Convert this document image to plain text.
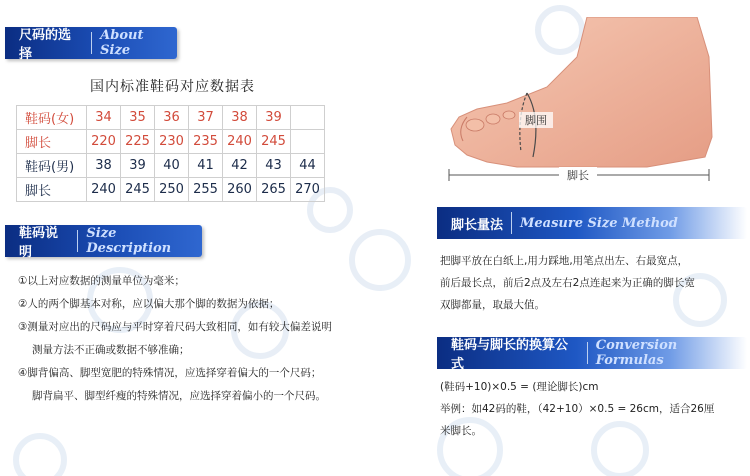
尺码的选择
About Size
国内标准鞋码对应数据表
鞋码(女)	34	35	36	37	38	39	
脚长	220	225	230	235	240	245	
鞋码(男)	38	39	40	41	42	43	44
脚长	240	245	250	255	260	265	270
鞋码说明
Size Description
①以上对应数据的测量单位为毫米；
②人的两个脚基本对称，应以偏大那个脚的数据为依据；
③测量对应出的尺码应与平时穿着尺码大致相同，如有较大偏差说明
测量方法不正确或数据不够准确；
④脚背偏高、脚型宽肥的特殊情况，应选择穿着偏大的一个尺码；
脚背扁平、脚型纤瘦的特殊情况，应选择穿着偏小的一个尺码。
脚围
脚长
脚长量法	Measure Size Method
把脚平放在白纸上,用力踩地,用笔点出左、右最宽点，
前后最长点，前后2点及左右2点连起来为正确的脚长宽
双脚都量，取最大值。
鞋码与脚长的换算公式
Conversion Formulas
(鞋码+10)×0.5 = (理论脚长)cm
举例：如42码的鞋，（42+10）×0.5 = 26cm，适合26厘
米脚长。
